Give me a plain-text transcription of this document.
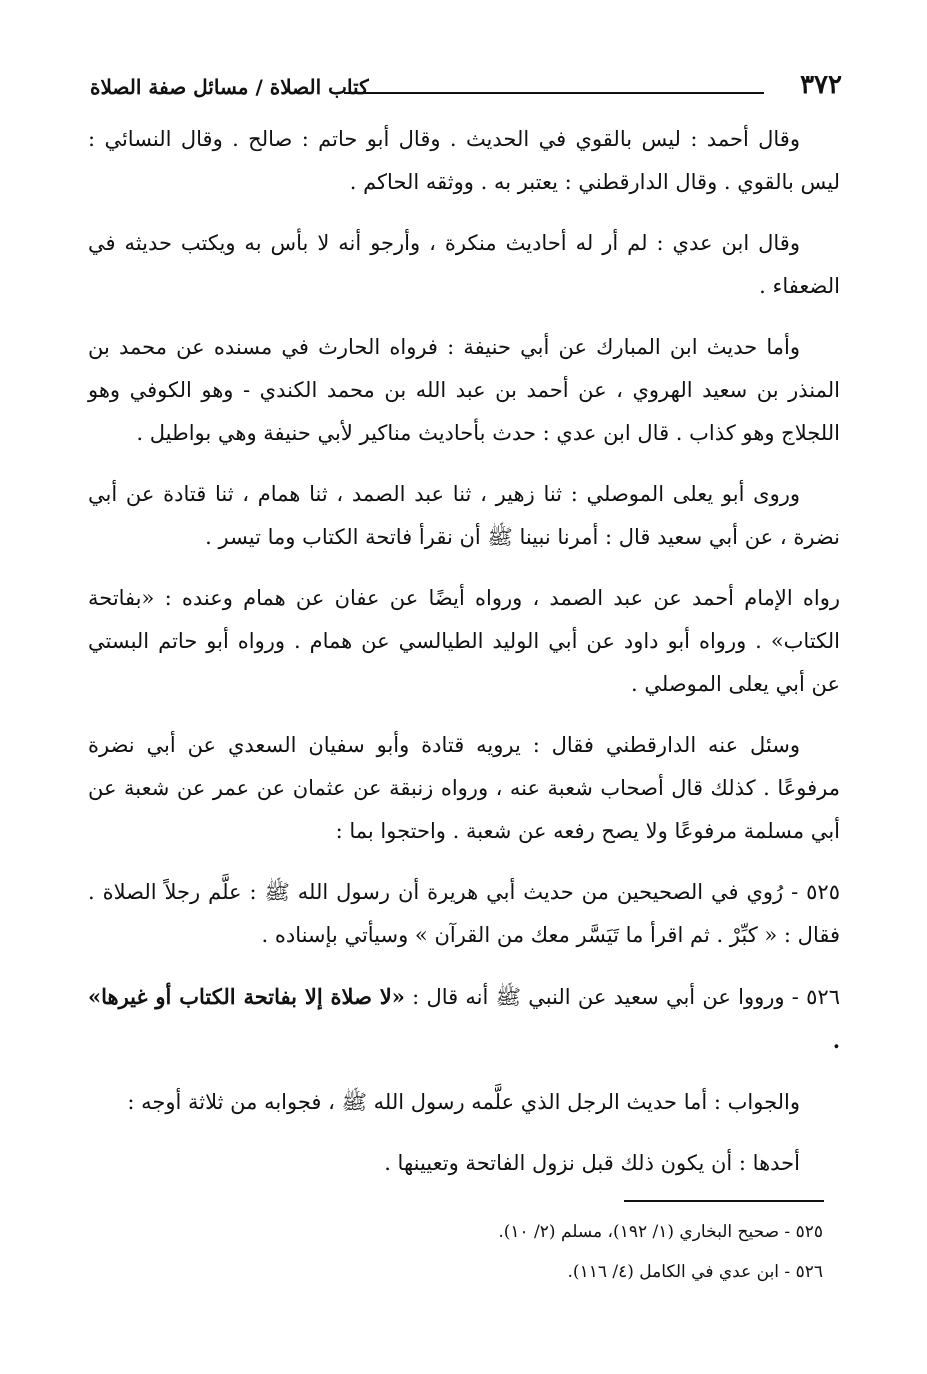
٣٧٢
كتاب الصلاة / مسائل صفة الصلاة

وقال أحمد : ليس بالقوي في الحديث . وقال أبو حاتم : صالح . وقال النسائي : ليس بالقوي . وقال الدارقطني : يعتبر به . ووثقه الحاكم .

وقال ابن عدي : لم أر له أحاديث منكرة ، وأرجو أنه لا بأس به ويكتب حديثه في الضعفاء .

وأما حديث ابن المبارك عن أبي حنيفة : فرواه الحارث في مسنده عن محمد بن المنذر بن سعيد الهروي ، عن أحمد بن عبد الله بن محمد الكندي - وهو الكوفي وهو اللجلاج وهو كذاب . قال ابن عدي : حدث بأحاديث مناكير لأبي حنيفة وهي بواطيل .

وروى أبو يعلى الموصلي : ثنا زهير ، ثنا عبد الصمد ، ثنا همام ، ثنا قتادة عن أبي نضرة ، عن أبي سعيد قال : أمرنا نبينا ﷺ أن نقرأ فاتحة الكتاب وما تيسر .

رواه الإمام أحمد عن عبد الصمد ، ورواه أيضًا عن عفان عن همام وعنده : «بفاتحة الكتاب» . ورواه أبو داود عن أبي الوليد الطيالسي عن همام . ورواه أبو حاتم البستي عن أبي يعلى الموصلي .

وسئل عنه الدارقطني فقال : يرويه قتادة وأبو سفيان السعدي عن أبي نضرة مرفوعًا . كذلك قال أصحاب شعبة عنه ، ورواه زنبقة عن عثمان عن عمر عن شعبة عن أبي مسلمة مرفوعًا ولا يصح رفعه عن شعبة . واحتجوا بما :

٥٢٥ - رُوي في الصحيحين من حديث أبي هريرة أن رسول الله ﷺ : علَّم رجلاً الصلاة . فقال : « كبِّرْ . ثم اقرأ ما تَيَسَّر معك من القرآن » وسيأتي بإسناده .

٥٢٦ - ورووا عن أبي سعيد عن النبي ﷺ أنه قال : «لا صلاة إلا بفاتحة الكتاب أو غيرها» .

والجواب : أما حديث الرجل الذي علَّمه رسول الله ﷺ ، فجوابه من ثلاثة أوجه :

أحدها : أن يكون ذلك قبل نزول الفاتحة وتعيينها .

٥٢٥ - صحيح البخاري (١/ ١٩٢)، مسلم (٢/ ١٠).
٥٢٦ - ابن عدي في الكامل (٤/ ١١٦).
